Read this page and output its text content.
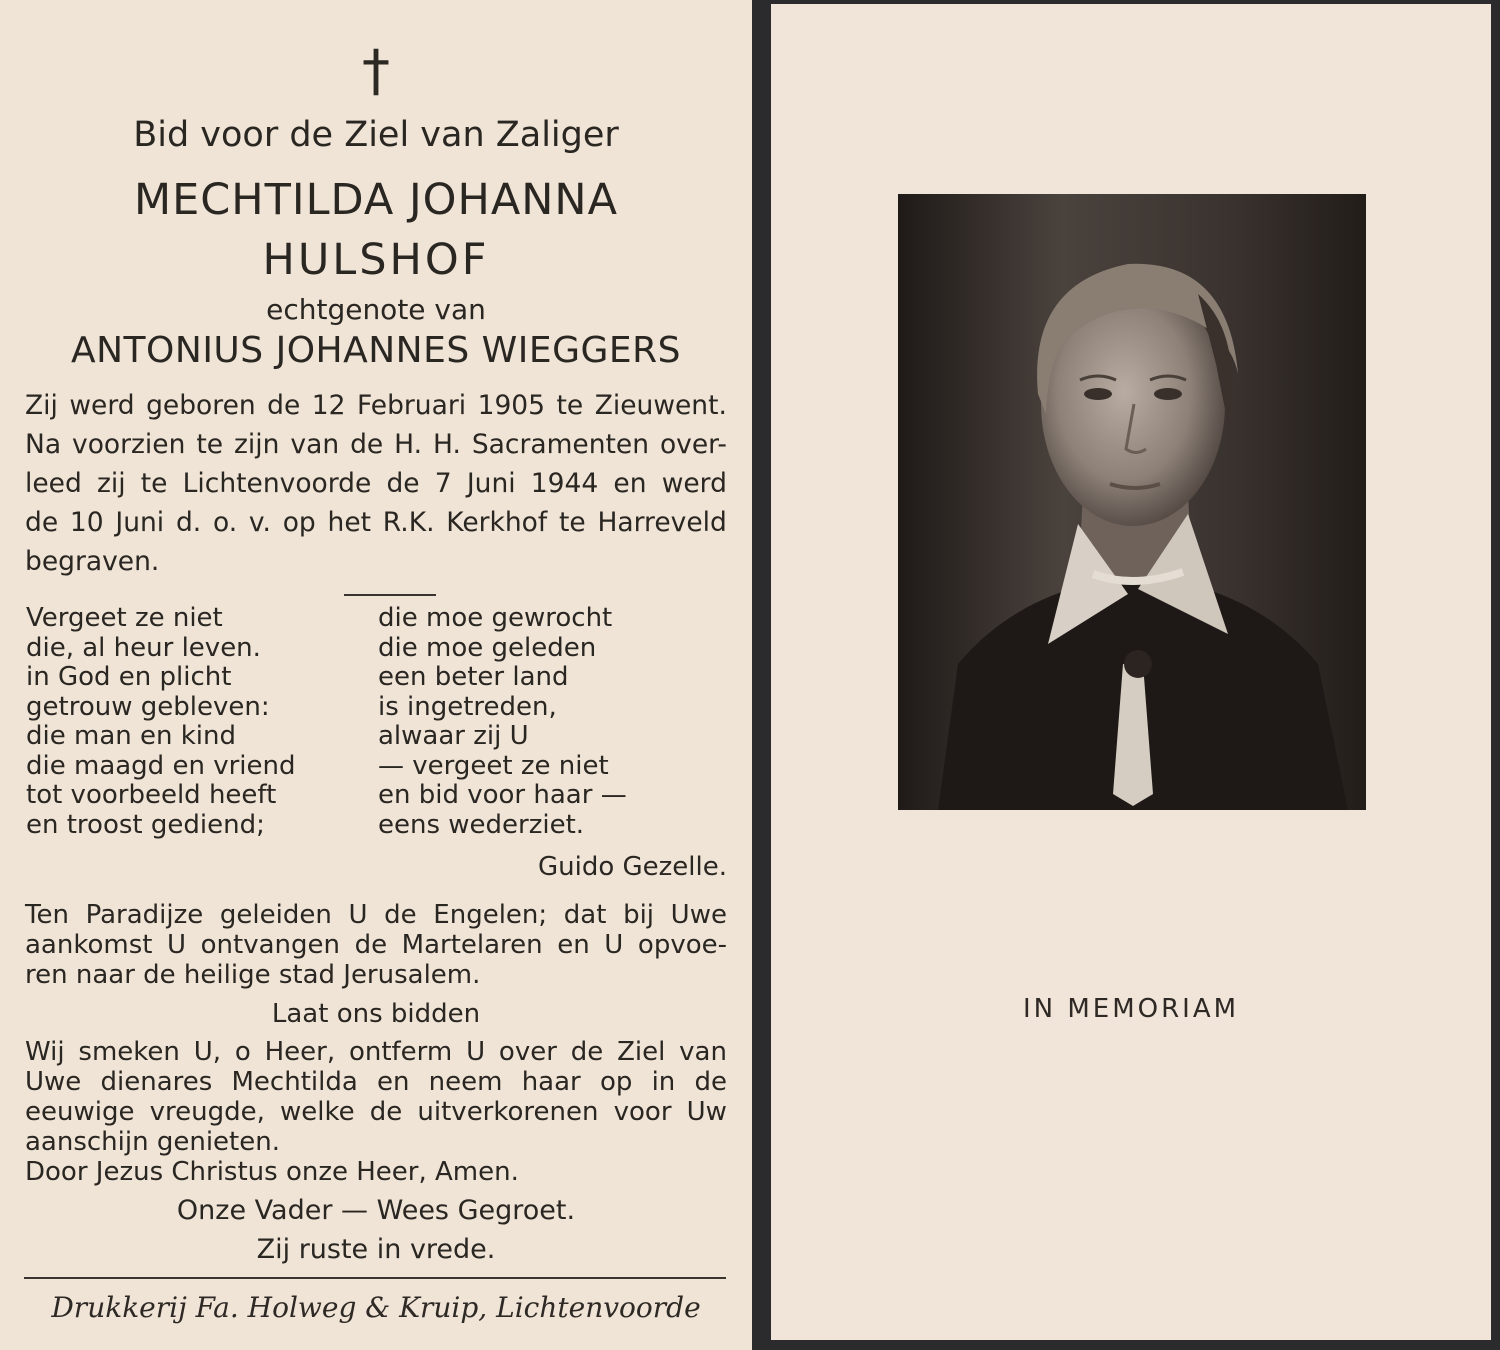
†
Bid voor de Ziel van Zaliger
MECHTILDA JOHANNA
HULSHOF
echtgenote van
ANTONIUS JOHANNES WIEGGERS
Zij werd geboren de 12 Februari 1905 te Zieuwent.
Na voorzien te zijn van de H. H. Sacramenten over-
leed zij te Lichtenvoorde de 7 Juni 1944 en werd
de 10 Juni d. o. v. op het R.K. Kerkhof te Harreveld
begraven.
Vergeet ze niet
die, al heur leven.
in God en plicht
getrouw gebleven:
die man en kind
die maagd en vriend
tot voorbeeld heeft
en troost gediend;
die moe gewrocht
die moe geleden
een beter land
is ingetreden,
alwaar zij U
— vergeet ze niet
en bid voor haar —
eens wederziet.
Guido Gezelle.
Ten Paradijze geleiden U de Engelen; dat bij Uwe
aankomst U ontvangen de Martelaren en U opvoe-
ren naar de heilige stad Jerusalem.
Laat ons bidden
Wij smeken U, o Heer, ontferm U over de Ziel van
Uwe dienares Mechtilda en neem haar op in de
eeuwige vreugde, welke de uitverkorenen voor Uw
aanschijn genieten.
Door Jezus Christus onze Heer, Amen.
Onze Vader — Wees Gegroet.
Zij ruste in vrede.
Drukkerij Fa. Holweg & Kruip, Lichtenvoorde
IN MEMORIAM
